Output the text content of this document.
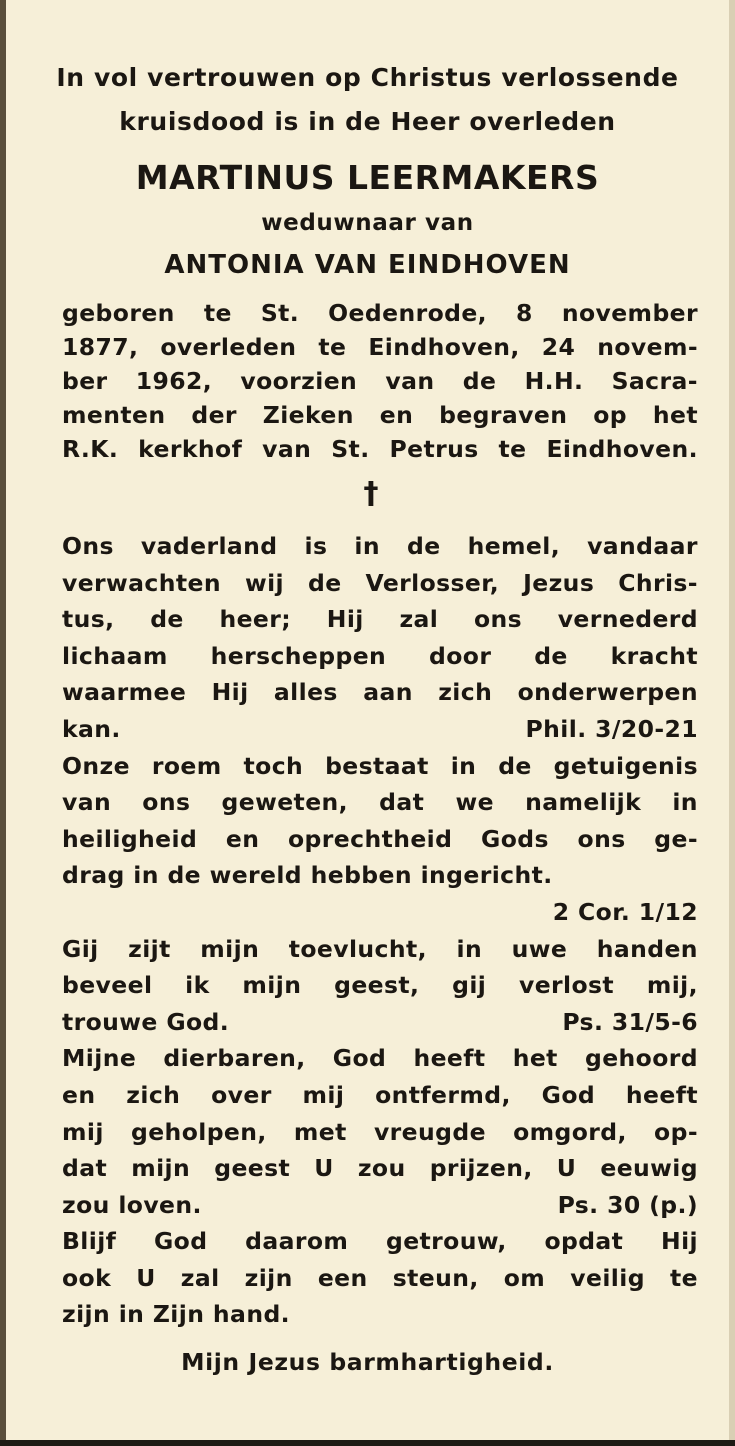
In vol vertrouwen op Christus verlossende
kruisdood is in de Heer overleden
MARTINUS LEERMAKERS
weduwnaar van
ANTONIA VAN EINDHOVEN
geboren te St. Oedenrode, 8 november
1877, overleden te Eindhoven, 24 novem-
ber 1962, voorzien van de H.H. Sacra-
menten der Zieken en begraven op het
R.K. kerkhof van St. Petrus te Eindhoven.
†
Ons vaderland is in de hemel, vandaar
verwachten wij de Verlosser, Jezus Chris-
tus, de heer; Hij zal ons vernederd
lichaam herscheppen door de kracht
waarmee Hij alles aan zich onderwerpen
kan.	Phil. 3/20-21
Onze roem toch bestaat in de getuigenis
van ons geweten, dat we namelijk in
heiligheid en oprechtheid Gods ons ge-
drag in de wereld hebben ingericht.
2 Cor. 1/12
Gij zijt mijn toevlucht, in uwe handen
beveel ik mijn geest, gij verlost mij,
trouwe God.	Ps. 31/5-6
Mijne dierbaren, God heeft het gehoord
en zich over mij ontfermd, God heeft
mij geholpen, met vreugde omgord, op-
dat mijn geest U zou prijzen, U eeuwig
zou loven.	Ps. 30 (p.)
Blijf God daarom getrouw, opdat Hij
ook U zal zijn een steun, om veilig te
zijn in Zijn hand.
Mijn Jezus barmhartigheid.
